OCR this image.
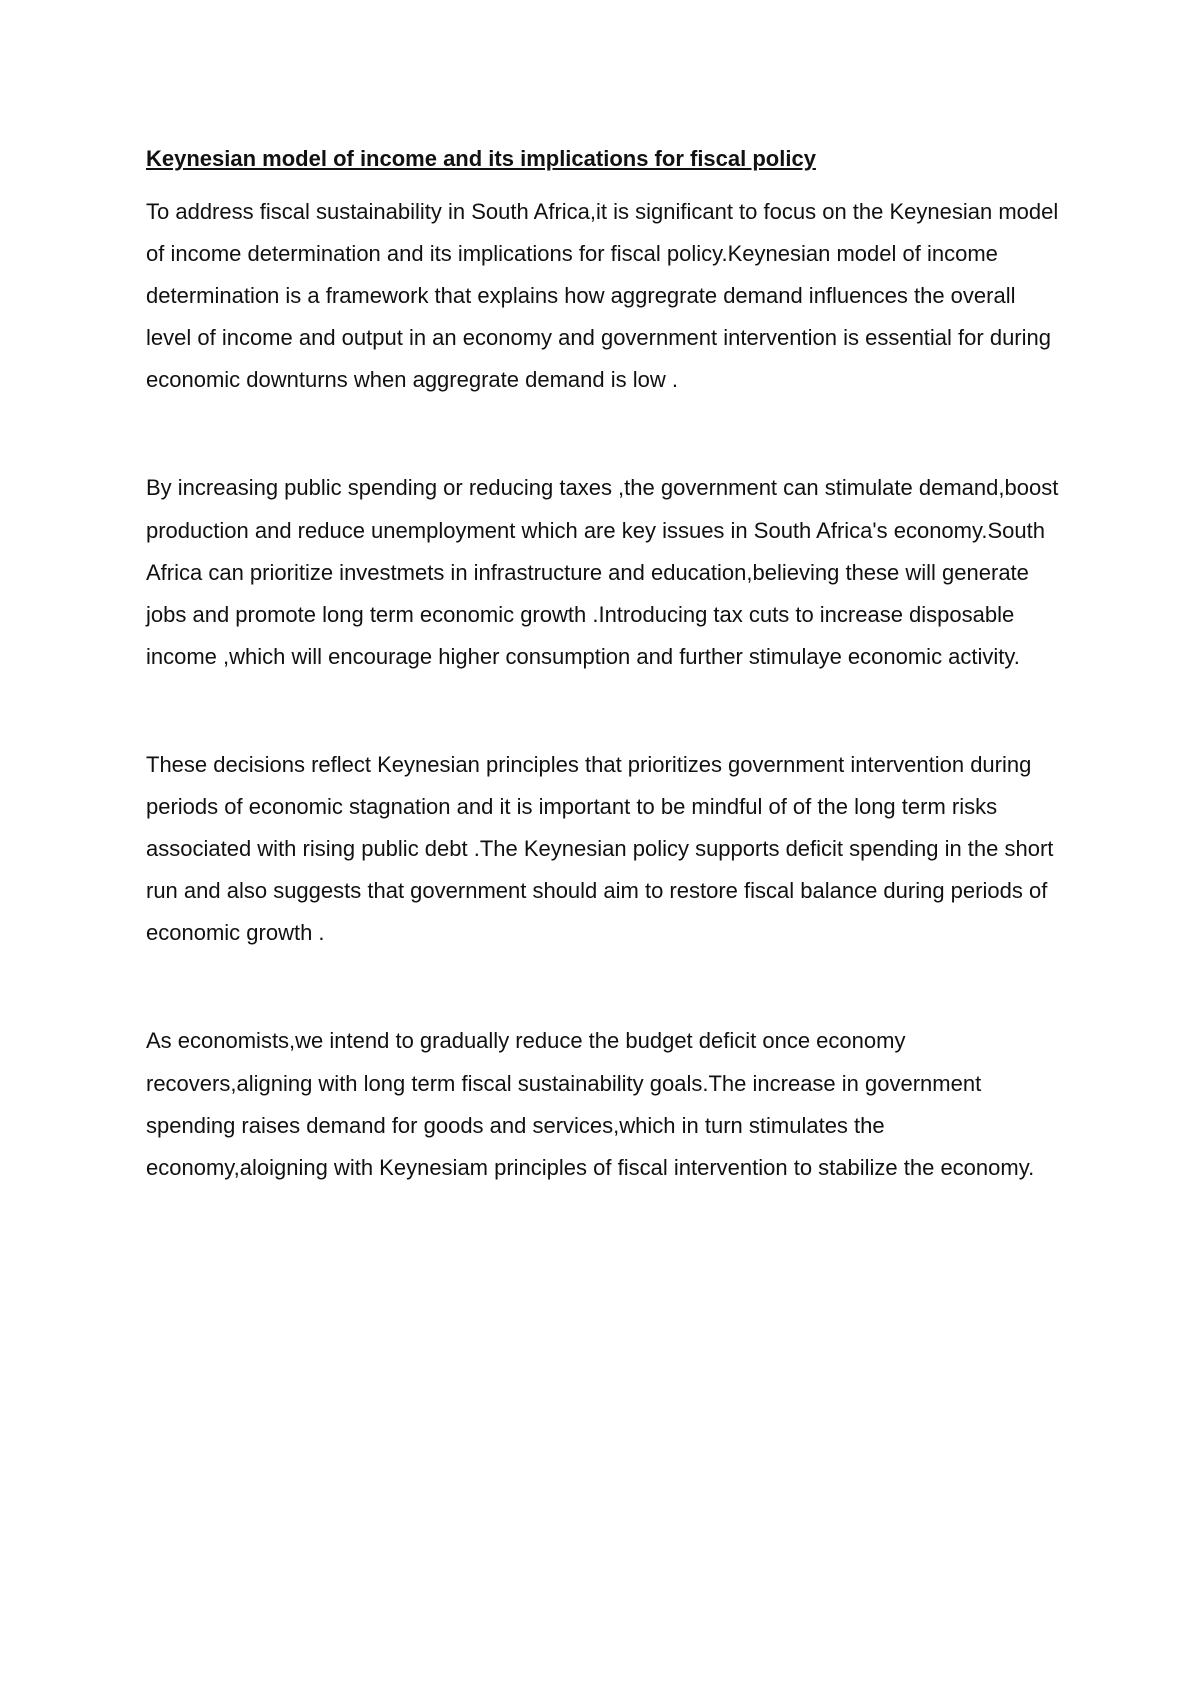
Keynesian model of income and its implications for fiscal policy

To address fiscal sustainability in South Africa,it is significant to focus on the Keynesian model of income determination and its implications for fiscal policy.Keynesian model of income determination is a framework that explains how aggregrate demand influences the overall level of income and output in an economy and government intervention is essential for during economic downturns when aggregrate demand is low .

By increasing public spending or reducing taxes ,the government can stimulate demand,boost production and reduce unemployment which are key issues in South Africa's economy.South Africa can prioritize investmets in infrastructure and education,believing these will generate jobs and promote long term economic growth .Introducing tax cuts to increase disposable income ,which will encourage higher consumption and further stimulaye economic activity.

These decisions reflect Keynesian principles that prioritizes government intervention during periods of economic stagnation and it is important to be mindful of of the long term risks associated with rising public debt .The Keynesian policy supports deficit spending in the short run and also suggests that government should aim to restore fiscal balance during periods of economic growth .

As economists,we intend to gradually reduce the budget deficit once economy recovers,aligning with long term fiscal sustainability goals.The increase in government spending raises demand for goods and services,which in turn stimulates the economy,aloigning with Keynesiam principles of fiscal intervention to stabilize the economy.
